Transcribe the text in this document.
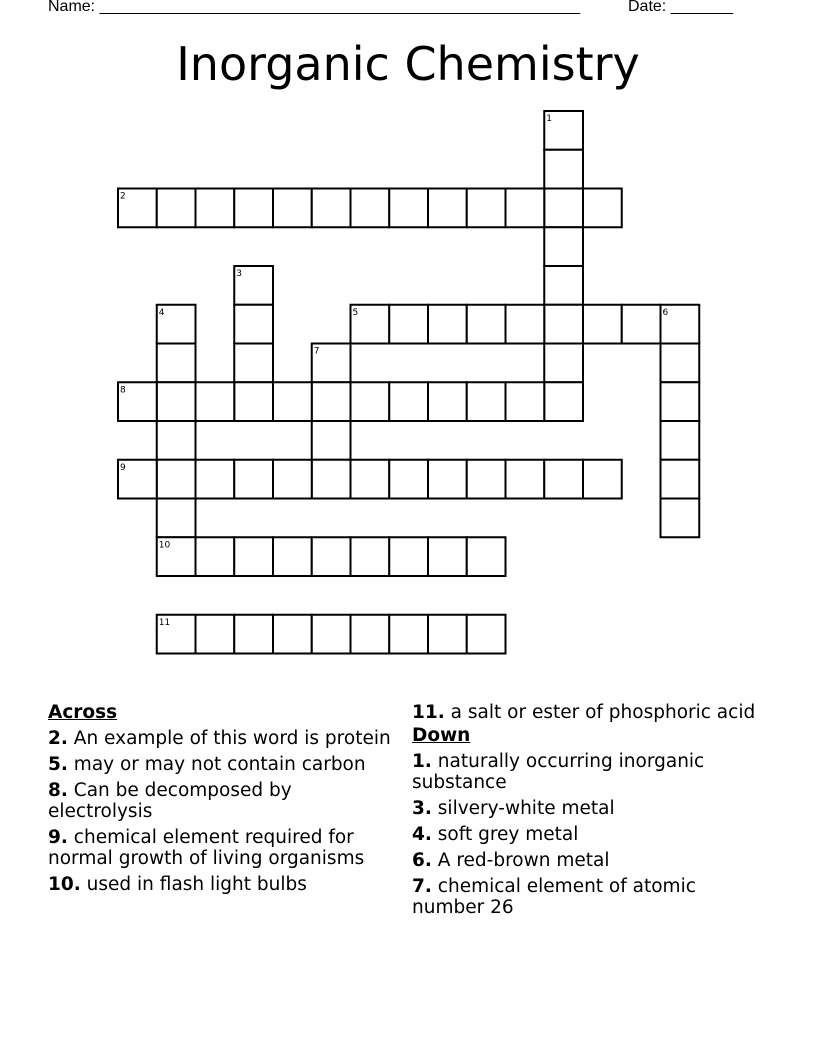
Name: ______________________________________________________	Date: _______
Inorganic Chemistry
1
2
3
4	5	6
7
8
9
10
11
Across
2. An example of this word is protein
5. may or may not contain carbon
8. Can be decomposed by electrolysis
9. chemical element required for normal growth of living organisms
10. used in flash light bulbs
11. a salt or ester of phosphoric acid
Down
1. naturally occurring inorganic substance
3. silvery-white metal
4. soft grey metal
6. A red-brown metal
7. chemical element of atomic number 26
